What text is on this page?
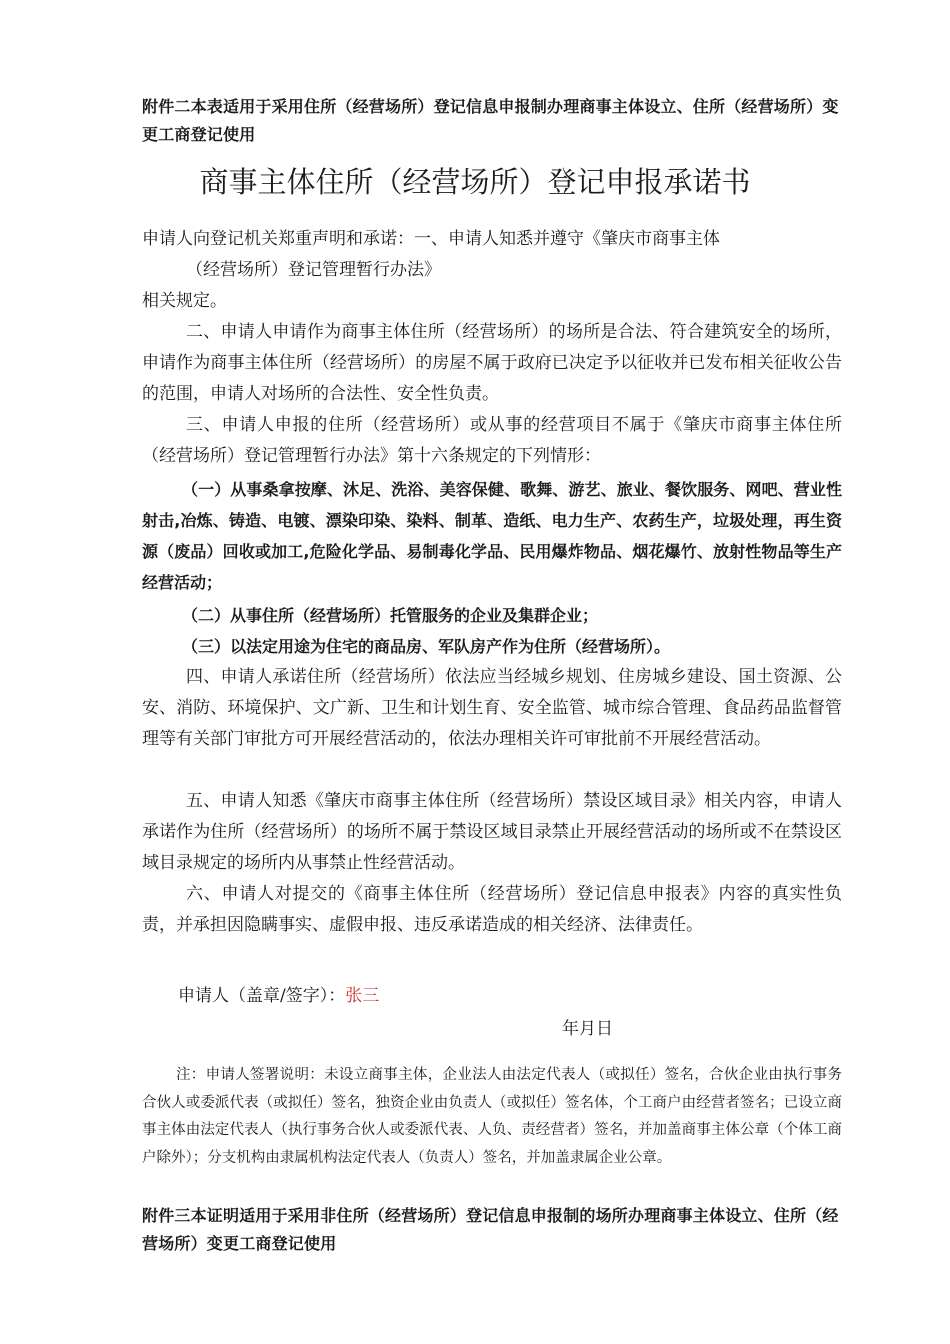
附件二本表适用于采用住所（经营场所）登记信息申报制办理商事主体设立、住所（经营场所）变更工商登记使用
商事主体住所（经营场所）登记申报承诺书
申请人向登记机关郑重声明和承诺：一、申请人知悉并遵守《肇庆市商事主体
（经营场所）登记管理暂行办法》
相关规定。
二、申请人申请作为商事主体住所（经营场所）的场所是合法、符合建筑安全的场所，申请作为商事主体住所（经营场所）的房屋不属于政府已决定予以征收并已发布相关征收公告的范围，申请人对场所的合法性、安全性负责。
三、申请人申报的住所（经营场所）或从事的经营项目不属于《肇庆市商事主体住所（经营场所）登记管理暂行办法》第十六条规定的下列情形：
（一）从事桑拿按摩、沐足、洗浴、美容保健、歌舞、游艺、旅业、餐饮服务、网吧、营业性射击,冶炼、铸造、电镀、漂染印染、染料、制革、造纸、电力生产、农药生产，垃圾处理，再生资源（废品）回收或加工,危险化学品、易制毒化学品、民用爆炸物品、烟花爆竹、放射性物品等生产经营活动；
（二）从事住所（经营场所）托管服务的企业及集群企业；
（三）以法定用途为住宅的商品房、军队房产作为住所（经营场所）。
四、申请人承诺住所（经营场所）依法应当经城乡规划、住房城乡建设、国土资源、公安、消防、环境保护、文广新、卫生和计划生育、安全监管、城市综合管理、食品药品监督管理等有关部门审批方可开展经营活动的，依法办理相关许可审批前不开展经营活动。
五、申请人知悉《肇庆市商事主体住所（经营场所）禁设区域目录》相关内容，申请人承诺作为住所（经营场所）的场所不属于禁设区域目录禁止开展经营活动的场所或不在禁设区域目录规定的场所内从事禁止性经营活动。
六、申请人对提交的《商事主体住所（经营场所）登记信息申报表》内容的真实性负责，并承担因隐瞒事实、虚假申报、违反承诺造成的相关经济、法律责任。
申请人（盖章/签字）：张三
年月日
注：申请人签署说明：未设立商事主体，企业法人由法定代表人（或拟任）签名，合伙企业由执行事务合伙人或委派代表（或拟任）签名，独资企业由负责人（或拟任）签名体，个工商户由经营者签名；已设立商事主体由法定代表人（执行事务合伙人或委派代表、人负、责经营者）签名，并加盖商事主体公章（个体工商户除外）；分支机构由隶属机构法定代表人（负责人）签名，并加盖隶属企业公章。
附件三本证明适用于采用非住所（经营场所）登记信息申报制的场所办理商事主体设立、住所（经营场所）变更工商登记使用
